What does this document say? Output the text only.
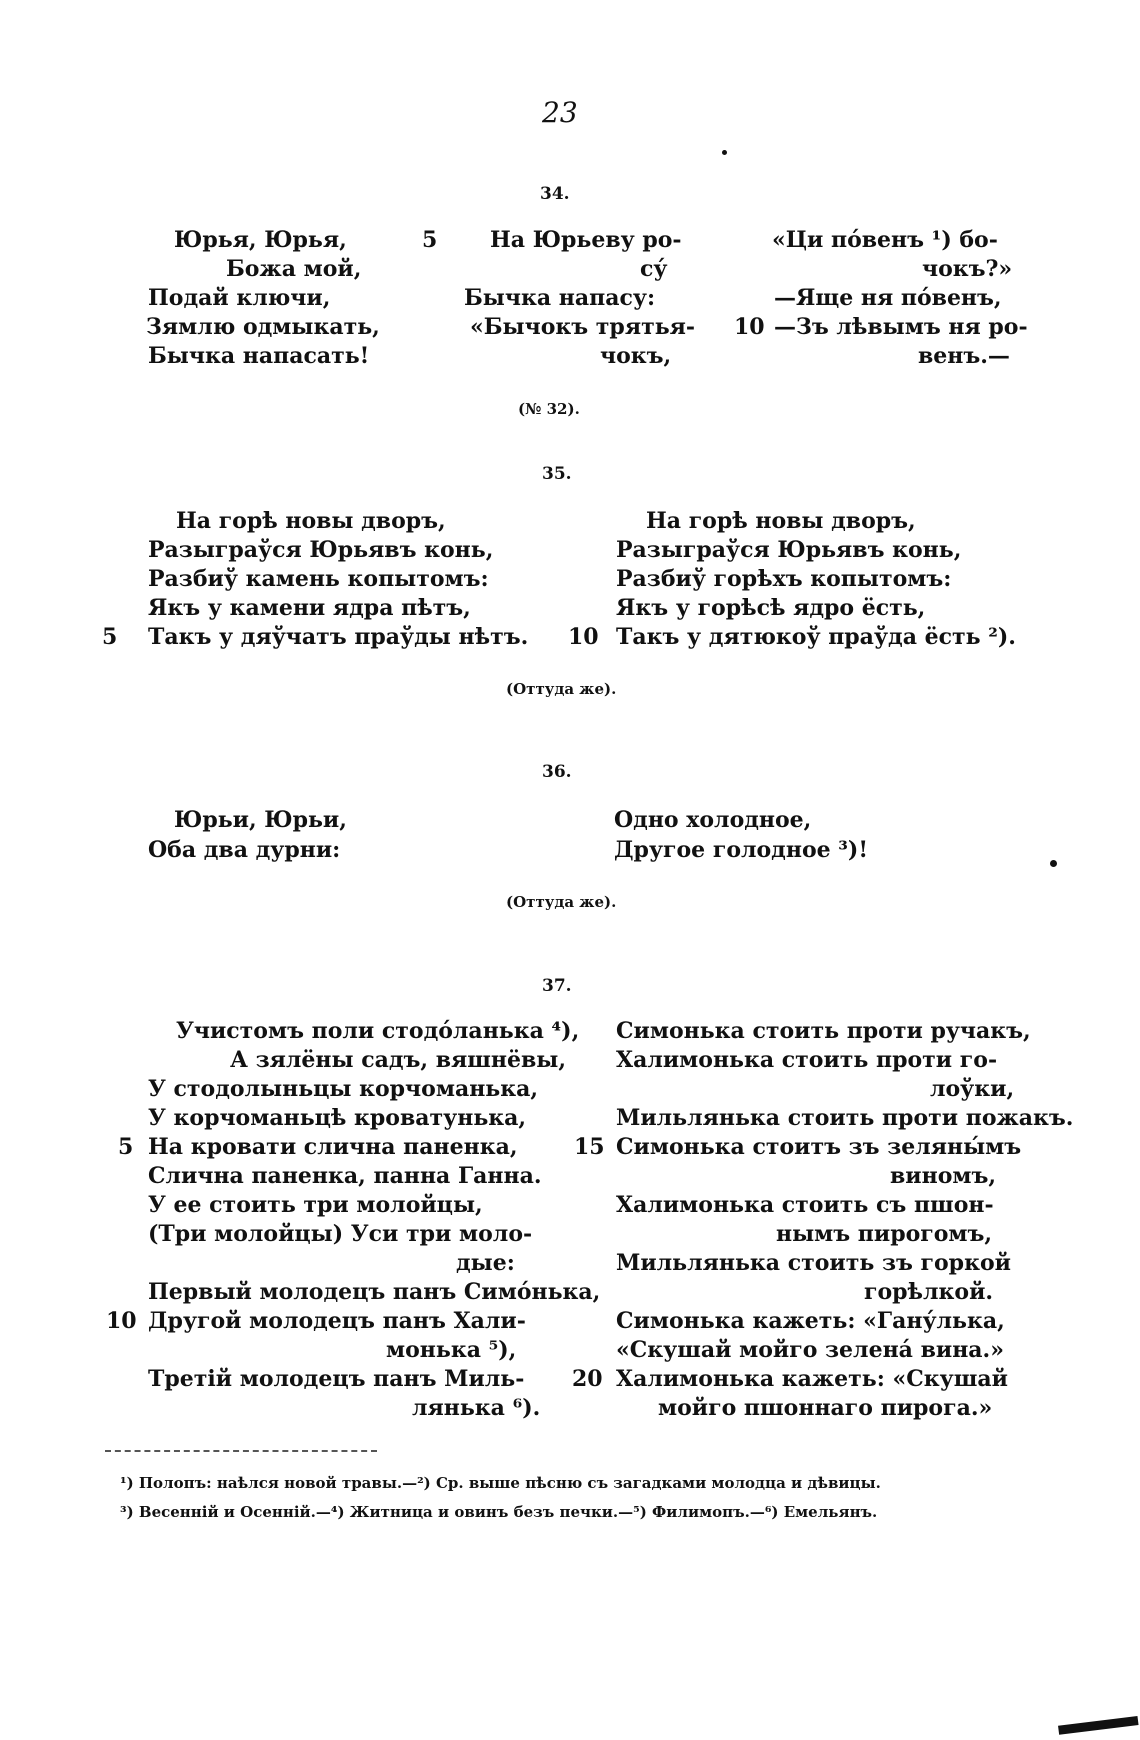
23
34.
Юрья, Юрья,
Божа мой,
Подай ключи,
Зямлю одмыкать,
Бычка напасать!
5 На Юрьеву ро-
су́
Бычка напасу:
«Бычокъ трятья-
чокъ,
«Ци по́венъ ¹) бо-
чокъ?»
—Яще ня по́венъ,
10 —Зъ лѣвымъ ня ро-
венъ.—
(№ 32).
35.
На горѣ новы дворъ,
Разыграўся Юрьявъ конь,
Разбиў камень копытомъ:
Якъ у камени ядра пѣтъ,
5 Такъ у дяўчатъ праўды нѣтъ.
На горѣ новы дворъ,
Разыграўся Юрьявъ конь,
Разбиў горѣхъ копытомъ:
Якъ у горѣсѣ ядро ёсть,
10 Такъ у дятюкоў праўда ёсть ²).
(Оттуда же).
36.
Юрьи, Юрьи,
Оба два дурни:
Одно холодное,
Другое голодное ³)!
(Оттуда же).
37.
Учистомъ поли стодо́ланька ⁴),
А зялёны садъ, вяшнёвы,
У стодолыньцы корчоманька,
У корчоманьцѣ кроватунька,
5 На кровати слична паненка,
Слична паненка, панна Ганна.
У ее стоить три молойцы,
(Три молойцы) Уси три моло-
дые:
Первый молодецъ панъ Симо́нька,
10 Другой молодецъ панъ Хали-
монька ⁵),
Третій молодецъ панъ Миль-
лянька ⁶).
Симонька стоить проти ручакъ,
Халимонька стоить проти го-
лоўки,
Мильлянька стоить проти пожакъ.
15 Симонька стоитъ зъ зеляны́мъ
виномъ,
Халимонька стоить съ пшон-
нымъ пирогомъ,
Мильлянька стоить зъ горкой
горѣлкой.
Симонька кажеть: «Гану́лька,
«Скушай мойго зелена́ вина.»
20 Халимонька кажеть: «Скушай
мойго пшоннаго пирога.»
¹) Полопъ: наѣлся новой травы.—²) Ср. выше пѣсню съ загадками молодца и дѣвицы.
³) Весенній и Осенній.—⁴) Житница и овинъ безъ печки.—⁵) Филимопъ.—⁶) Емельянъ.
